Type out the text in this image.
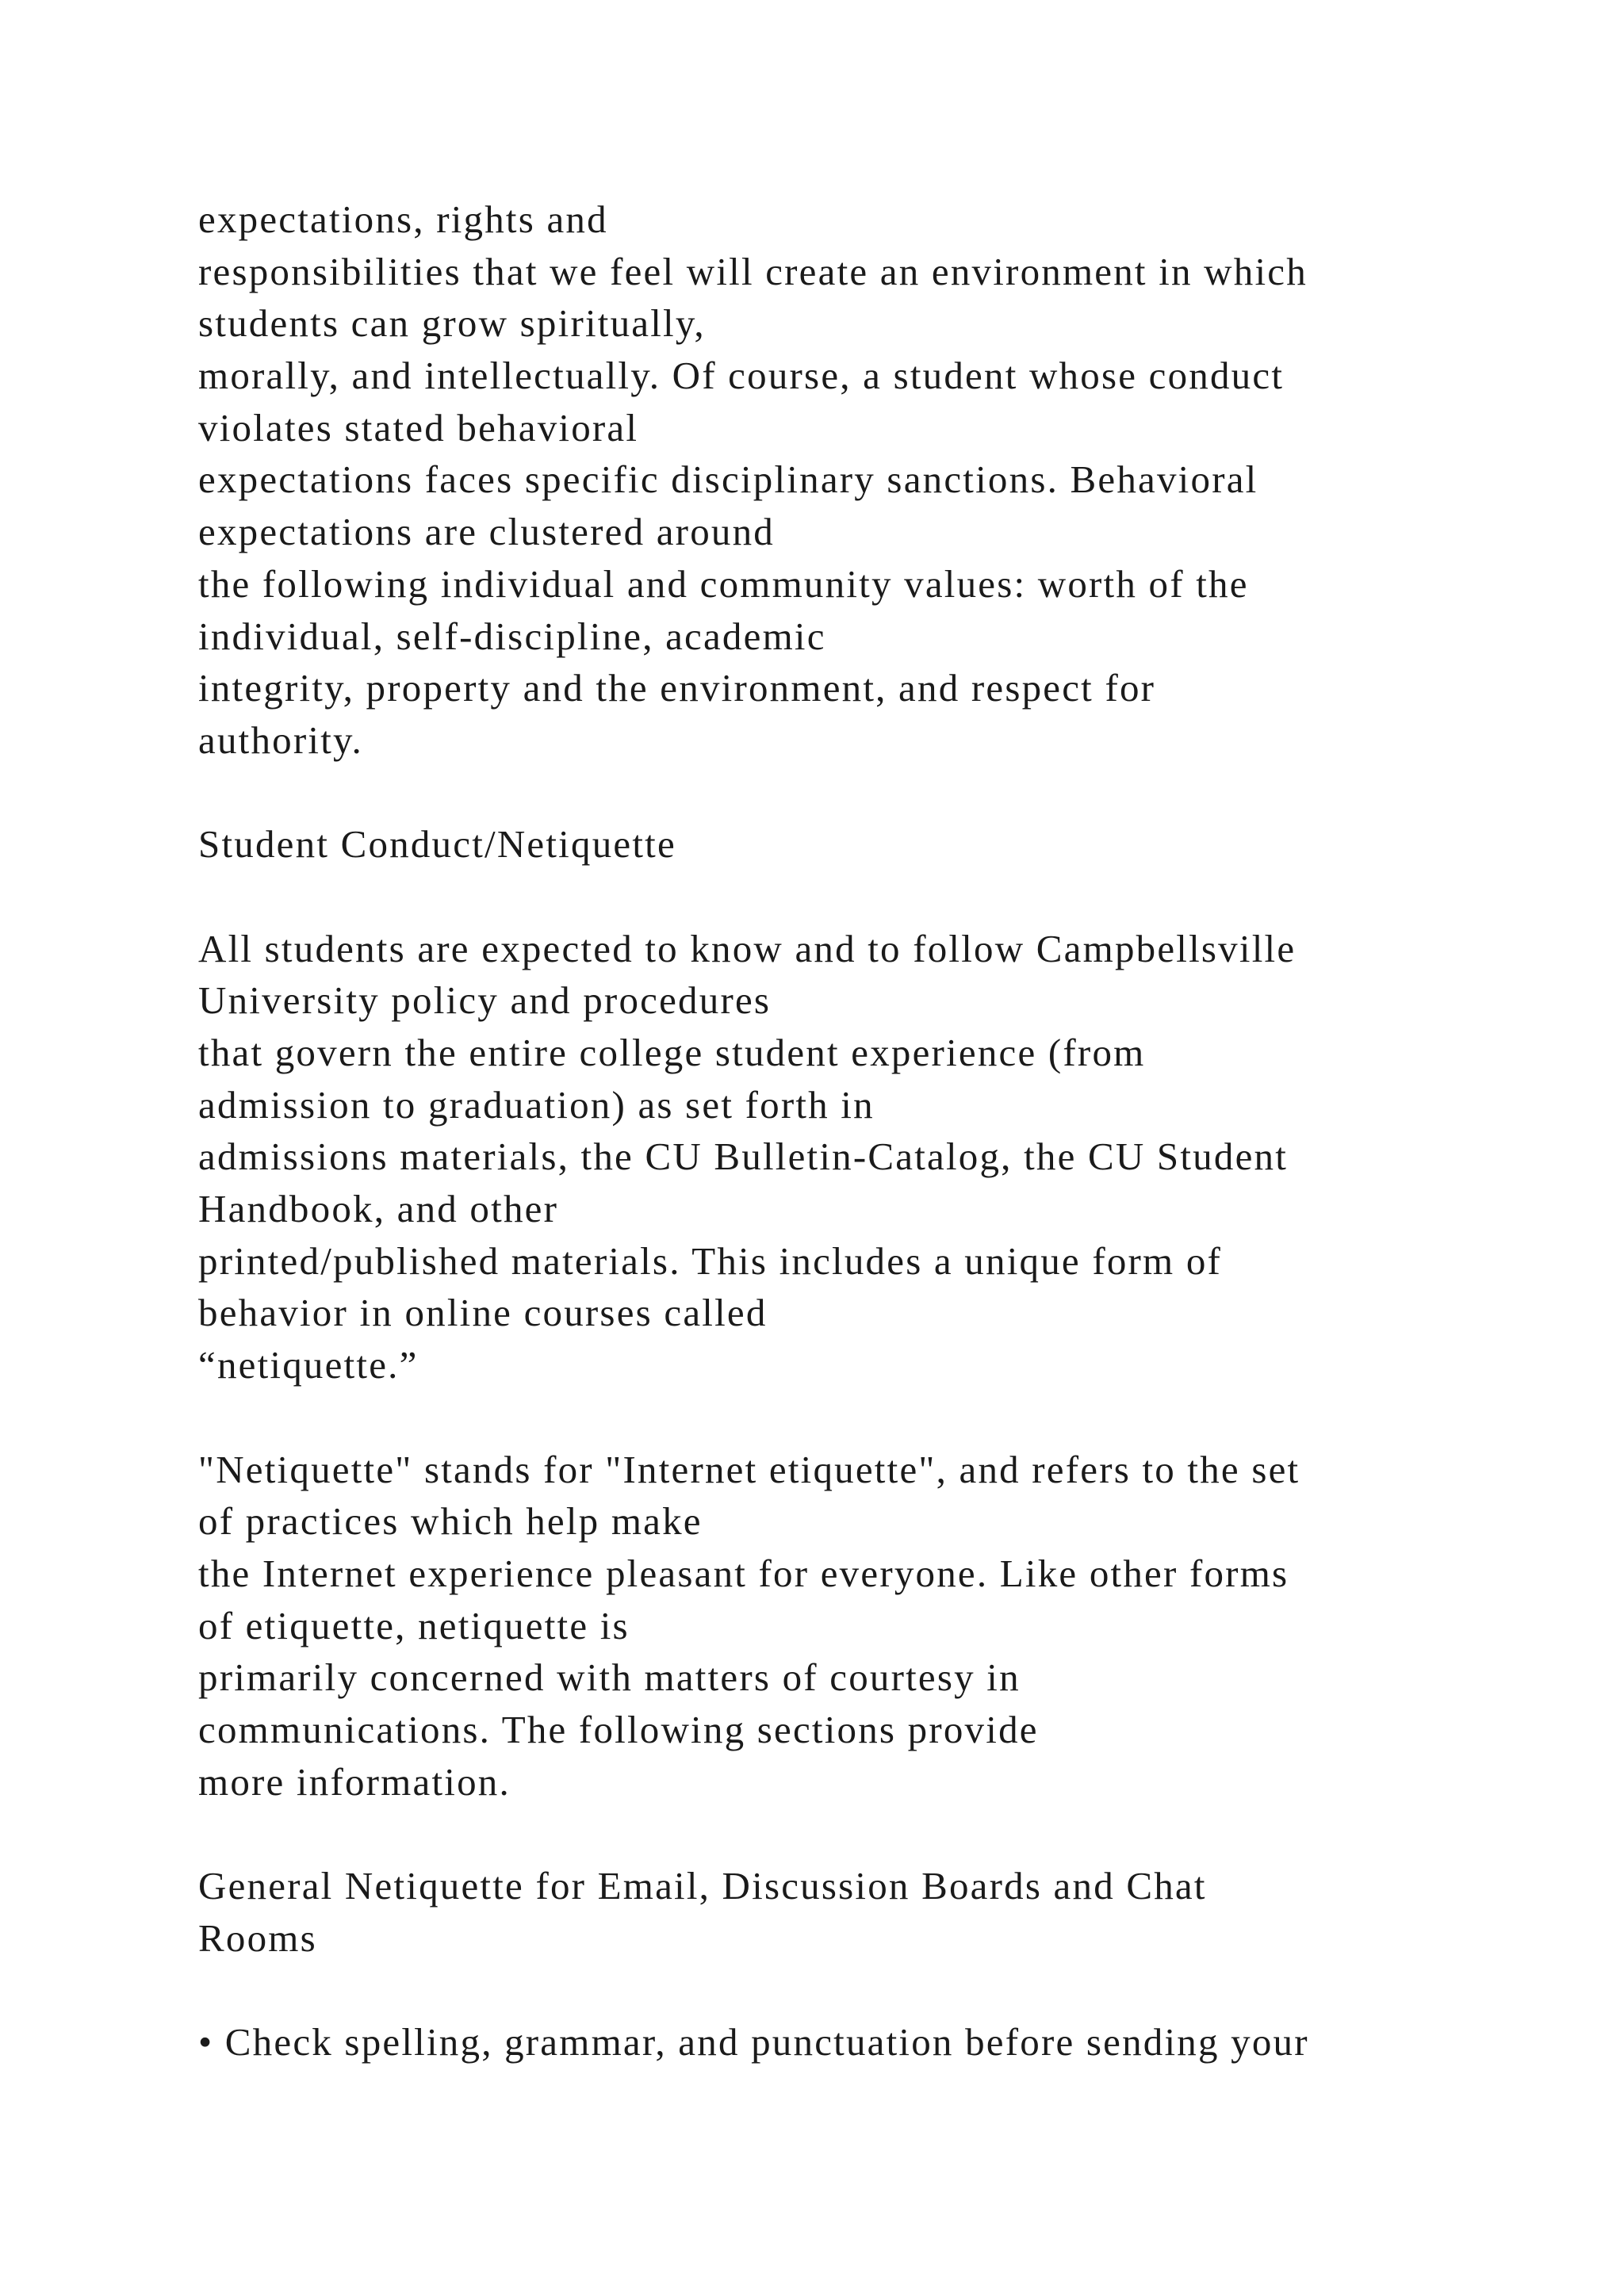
expectations, rights and
responsibilities that we feel will create an environment in which
students can grow spiritually,
morally, and intellectually. Of course, a student whose conduct
violates stated behavioral
expectations faces specific disciplinary sanctions. Behavioral
expectations are clustered around
the following individual and community values: worth of the
individual, self-discipline, academic
integrity, property and the environment, and respect for
authority.
Student Conduct/Netiquette
All students are expected to know and to follow Campbellsville
University policy and procedures
that govern the entire college student experience (from
admission to graduation) as set forth in
admissions materials, the CU Bulletin-Catalog, the CU Student
Handbook, and other
printed/published materials. This includes a unique form of
behavior in online courses called
“netiquette.”
"Netiquette" stands for "Internet etiquette", and refers to the set
of practices which help make
the Internet experience pleasant for everyone. Like other forms
of etiquette, netiquette is
primarily concerned with matters of courtesy in
communications. The following sections provide
more information.
General Netiquette for Email, Discussion Boards and Chat
Rooms
• Check spelling, grammar, and punctuation before sending your
